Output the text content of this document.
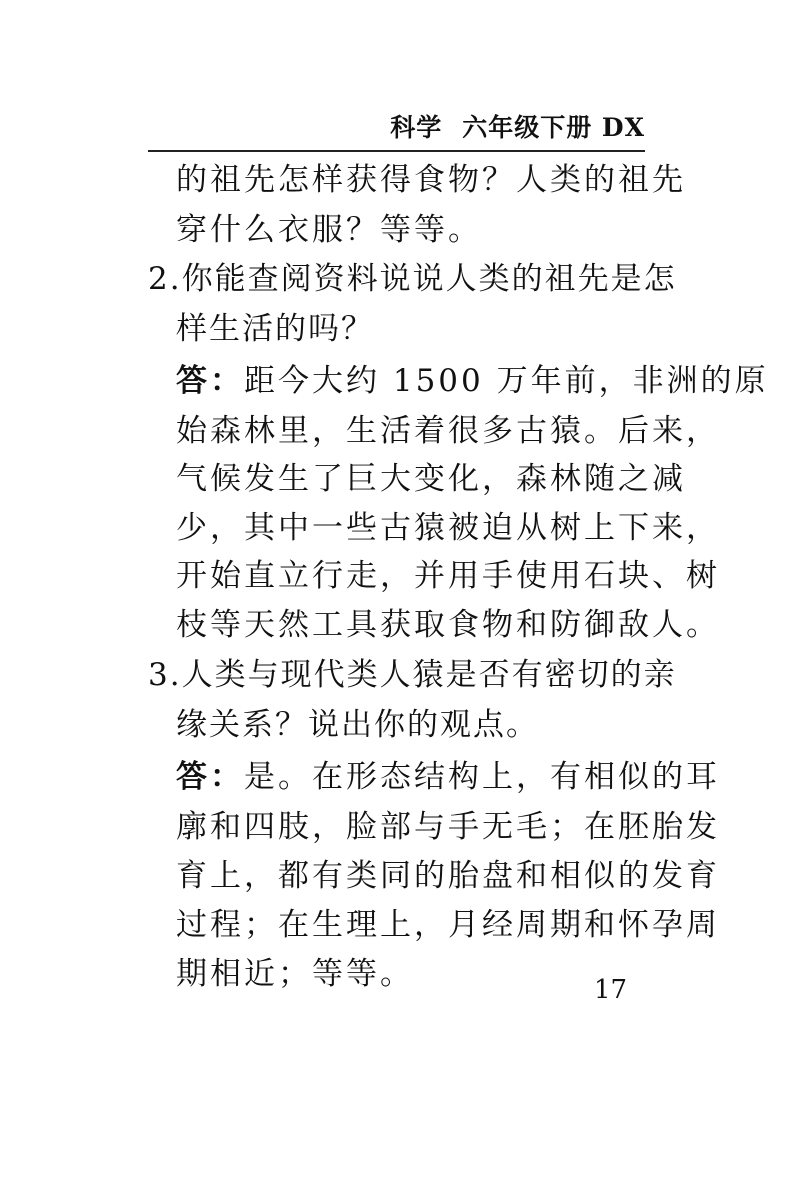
科学 六年级下册 DX
的祖先怎样获得食物？人类的祖先
穿什么衣服？等等。
2.你能查阅资料说说人类的祖先是怎
样生活的吗？
答：距今大约 1500 万年前，非洲的原
始森林里，生活着很多古猿。后来，
气候发生了巨大变化，森林随之减
少，其中一些古猿被迫从树上下来，
开始直立行走，并用手使用石块、树
枝等天然工具获取食物和防御敌人。
3.人类与现代类人猿是否有密切的亲
缘关系？说出你的观点。
答：是。在形态结构上，有相似的耳
廓和四肢，脸部与手无毛；在胚胎发
育上，都有类同的胎盘和相似的发育
过程；在生理上，月经周期和怀孕周
期相近；等等。	17
